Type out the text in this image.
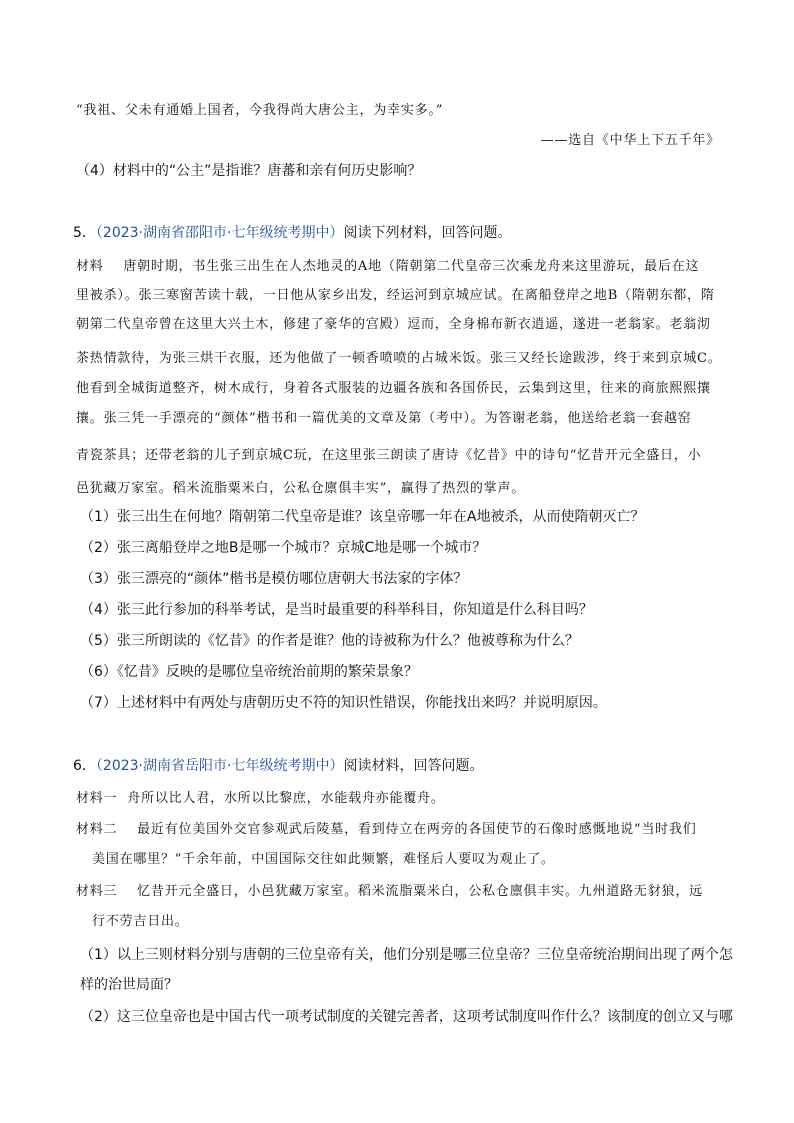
“我祖、父未有通婚上国者，今我得尚大唐公主，为幸实多。”
——选自《中华上下五千年》
（4）材料中的“公主”是指谁？唐蕃和亲有何历史影响？
5．（2023·湖南省邵阳市·七年级统考期中）阅读下列材料，回答问题。
材料    唐朝时期，书生张三出生在人杰地灵的A地（隋朝第二代皇帝三次乘龙舟来这里游玩，最后在这
里被杀）。张三寒窗苦读十载，一日他从家乡出发，经运河到京城应试。在离船登岸之地B（隋朝东都，隋
朝第二代皇帝曾在这里大兴土木，修建了豪华的宫殿）逗而，全身棉布新衣逍遥，遂进一老翁家。老翁沏
茶热情款待，为张三烘干衣服，还为他做了一顿香喷喷的占城米饭。张三又经长途跋涉，终于来到京城C。
他看到全城街道整齐，树木成行，身着各式服装的边疆各族和各国侨民，云集到这里，往来的商旅熙熙攘
攘。张三凭一手漂亮的“颜体”楷书和一篇优美的文章及第（考中）。为答谢老翁，他送给老翁一套越窑
青瓷茶具；还带老翁的儿子到京城C玩，在这里张三朗读了唐诗《忆昔》中的诗句“忆昔开元全盛日，小
邑犹藏万家室。稻米流脂粟米白，公私仓廪俱丰实”，赢得了热烈的掌声。
（1）张三出生在何地？隋朝第二代皇帝是谁？该皇帝哪一年在A地被杀，从而使隋朝灭亡？
（2）张三离船登岸之地B是哪一个城市？京城C地是哪一个城市？
（3）张三漂亮的“颜体”楷书是模仿哪位唐朝大书法家的字体？
（4）张三此行参加的科举考试，是当时最重要的科举科目，你知道是什么科目吗？
（5）张三所朗读的《忆昔》的作者是谁？他的诗被称为什么？他被尊称为什么？
（6）《忆昔》反映的是哪位皇帝统治前期的繁荣景象？
（7）上述材料中有两处与唐朝历史不符的知识性错误，你能找出来吗？并说明原因。
6．（2023·湖南省岳阳市·七年级统考期中）阅读材料，回答问题。
材料一  舟所以比人君，水所以比黎庶，水能载舟亦能覆舟。
材料二    最近有位美国外交官参观武后陵墓，看到侍立在两旁的各国使节的石像时感慨地说“当时我们
美国在哪里？”千余年前，中国国际交往如此频繁，难怪后人要叹为观止了。
材料三    忆昔开元全盛日，小邑犹藏万家室。稻米流脂粟米白，公私仓廪俱丰实。九州道路无豺狼，远
行不劳吉日出。
（1）以上三则材料分别与唐朝的三位皇帝有关，他们分别是哪三位皇帝？三位皇帝统治期间出现了两个怎
样的治世局面？
（2）这三位皇帝也是中国古代一项考试制度的关键完善者，这项考试制度叫作什么？该制度的创立又与哪
